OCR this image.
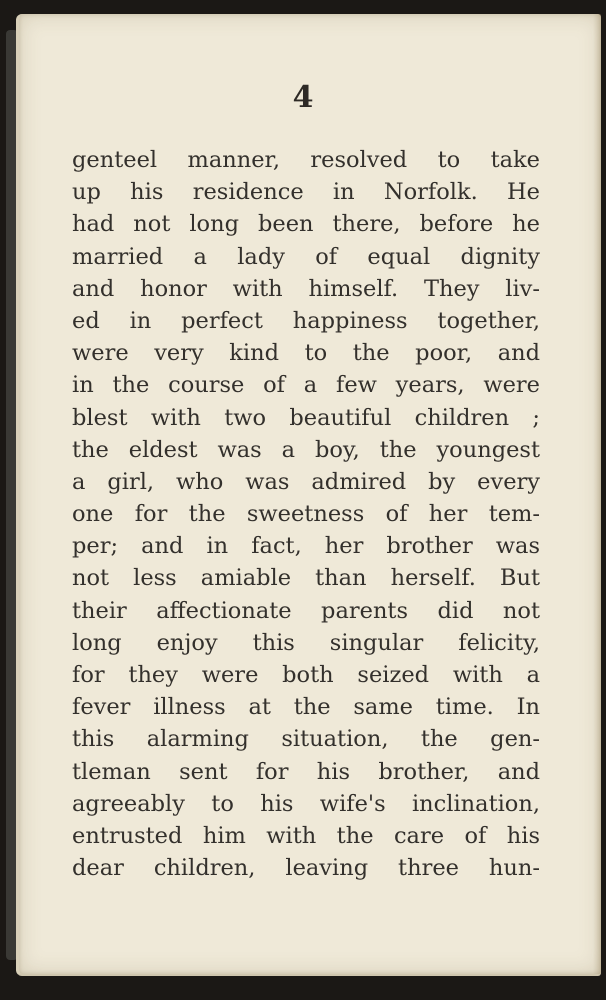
4
genteel manner, resolved to take
up his residence in Norfolk. He
had not long been there, before he
married a lady of equal dignity
and honor with himself. They liv-
ed in perfect happiness together,
were very kind to the poor, and
in the course of a few years, were
blest with two beautiful children ;
the eldest was a boy, the youngest
a girl, who was admired by every
one for the sweetness of her tem-
per; and in fact, her brother was
not less amiable than herself. But
their affectionate parents did not
long enjoy this singular felicity,
for they were both seized with a
fever illness at the same time. In
this alarming situation, the gen-
tleman sent for his brother, and
agreeably to his wife's inclination,
entrusted him with the care of his
dear children, leaving three hun-
